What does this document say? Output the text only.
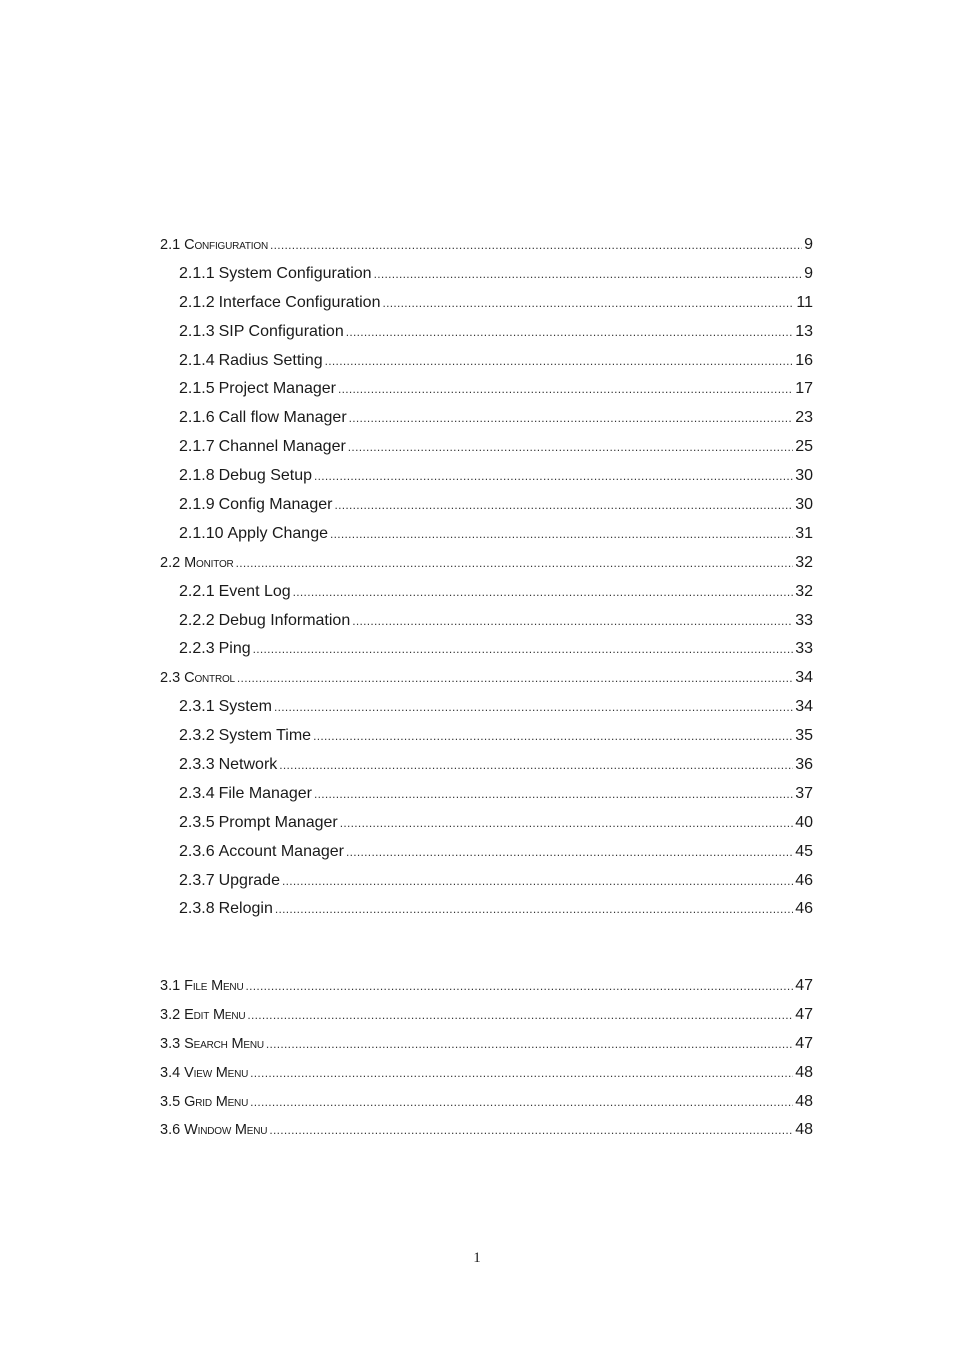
2.1 Configuration .....	9
2.1.1 System Configuration .....	9
2.1.2 Interface Configuration .....	11
2.1.3 SIP Configuration .....	13
2.1.4 Radius Setting .....	16
2.1.5 Project Manager .....	17
2.1.6 Call flow Manager .....	23
2.1.7 Channel Manager .....	25
2.1.8 Debug Setup .....	30
2.1.9 Config Manager .....	30
2.1.10 Apply Change .....	31
2.2 Monitor .....	32
2.2.1 Event Log .....	32
2.2.2 Debug Information .....	33
2.2.3 Ping .....	33
2.3 Control .....	34
2.3.1 System .....	34
2.3.2 System Time .....	35
2.3.3 Network .....	36
2.3.4 File Manager .....	37
2.3.5 Prompt Manager .....	40
2.3.6 Account Manager .....	45
2.3.7 Upgrade .....	46
2.3.8 Relogin .....	46
3.1 File Menu .....	47
3.2 Edit Menu .....	47
3.3 Search Menu .....	47
3.4 View Menu .....	48
3.5 Grid Menu .....	48
3.6 Window Menu .....	48
1
